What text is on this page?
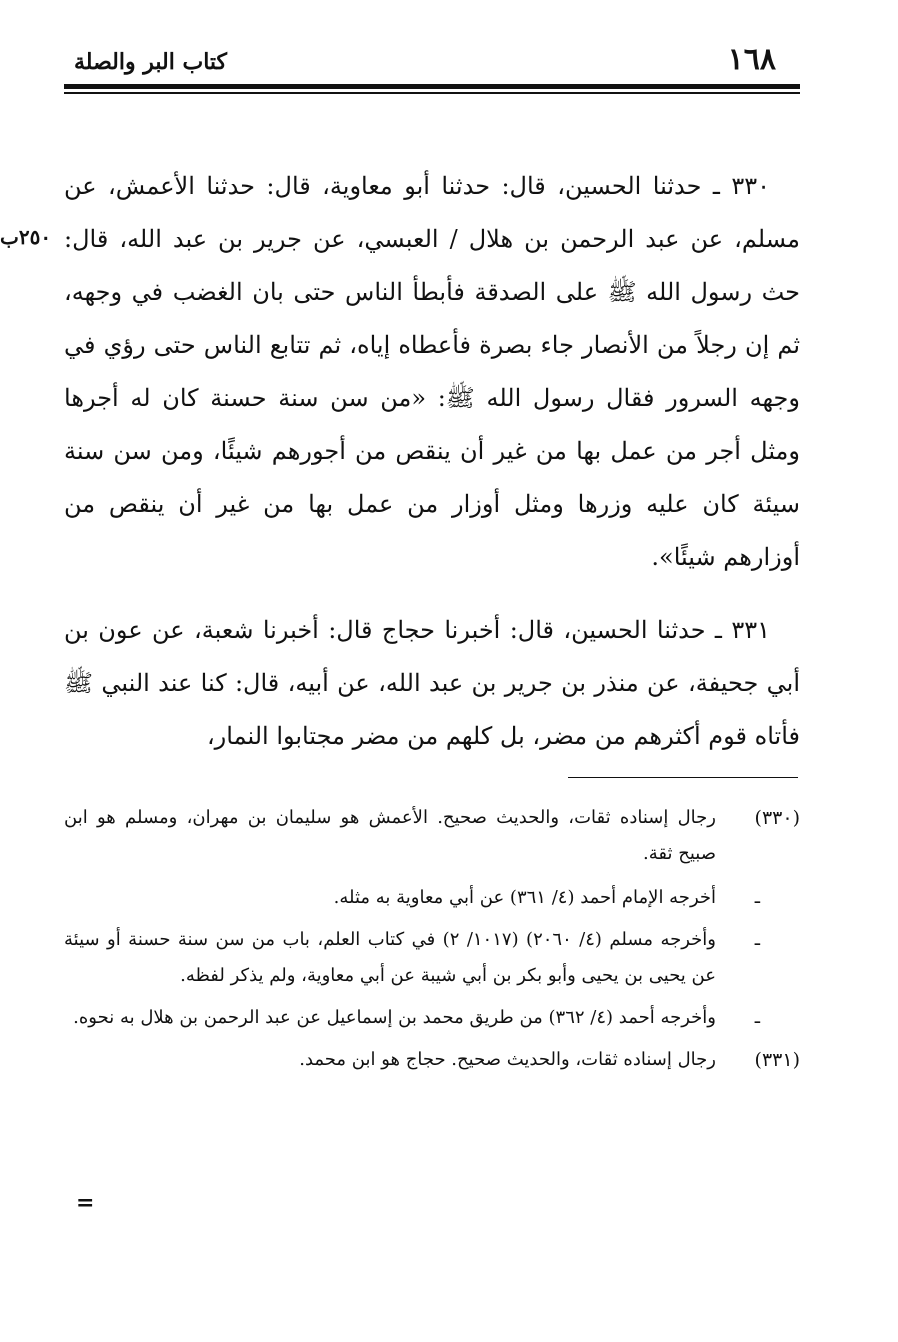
١٦٨
كتاب البر والصلة
٢٥٠ب

٣٣٠ ـ حدثنا الحسين، قال: حدثنا أبو معاوية، قال: حدثنا الأعمش، عن مسلم، عن عبد الرحمن بن هلال / العبسي، عن جرير بن عبد الله، قال: حث رسول الله ﷺ على الصدقة فأبطأ الناس حتى بان الغضب في وجهه، ثم إن رجلاً من الأنصار جاء بصرة فأعطاه إياه، ثم تتابع الناس حتى رؤي في وجهه السرور فقال رسول الله ﷺ: «من سن سنة حسنة كان له أجرها ومثل أجر من عمل بها من غير أن ينقص من أجورهم شيئًا، ومن سن سنة سيئة كان عليه وزرها ومثل أوزار من عمل بها من غير أن ينقص من أوزارهم شيئًا».

٣٣١ ـ حدثنا الحسين، قال: أخبرنا حجاج قال: أخبرنا شعبة، عن عون بن أبي جحيفة، عن منذر بن جرير بن عبد الله، عن أبيه، قال: كنا عند النبي ﷺ فأتاه قوم أكثرهم من مضر، بل كلهم من مضر مجتابوا النمار،

(٣٣٠)
رجال إسناده ثقات، والحديث صحيح. الأعمش هو سليمان بن مهران، ومسلم هو ابن صبيح ثقة.
ـ
أخرجه الإمام أحمد (٤/ ٣٦١) عن أبي معاوية به مثله.
ـ
وأخرجه مسلم (٤/ ٢٠٦٠) (١٠١٧/ ٢) في كتاب العلم، باب من سن سنة حسنة أو سيئة عن يحيى بن يحيى وأبو بكر بن أبي شيبة عن أبي معاوية، ولم يذكر لفظه.
ـ
وأخرجه أحمد (٤/ ٣٦٢) من طريق محمد بن إسماعيل عن عبد الرحمن بن هلال به نحوه.
(٣٣١)
رجال إسناده ثقات، والحديث صحيح. حجاج هو ابن محمد.
=
